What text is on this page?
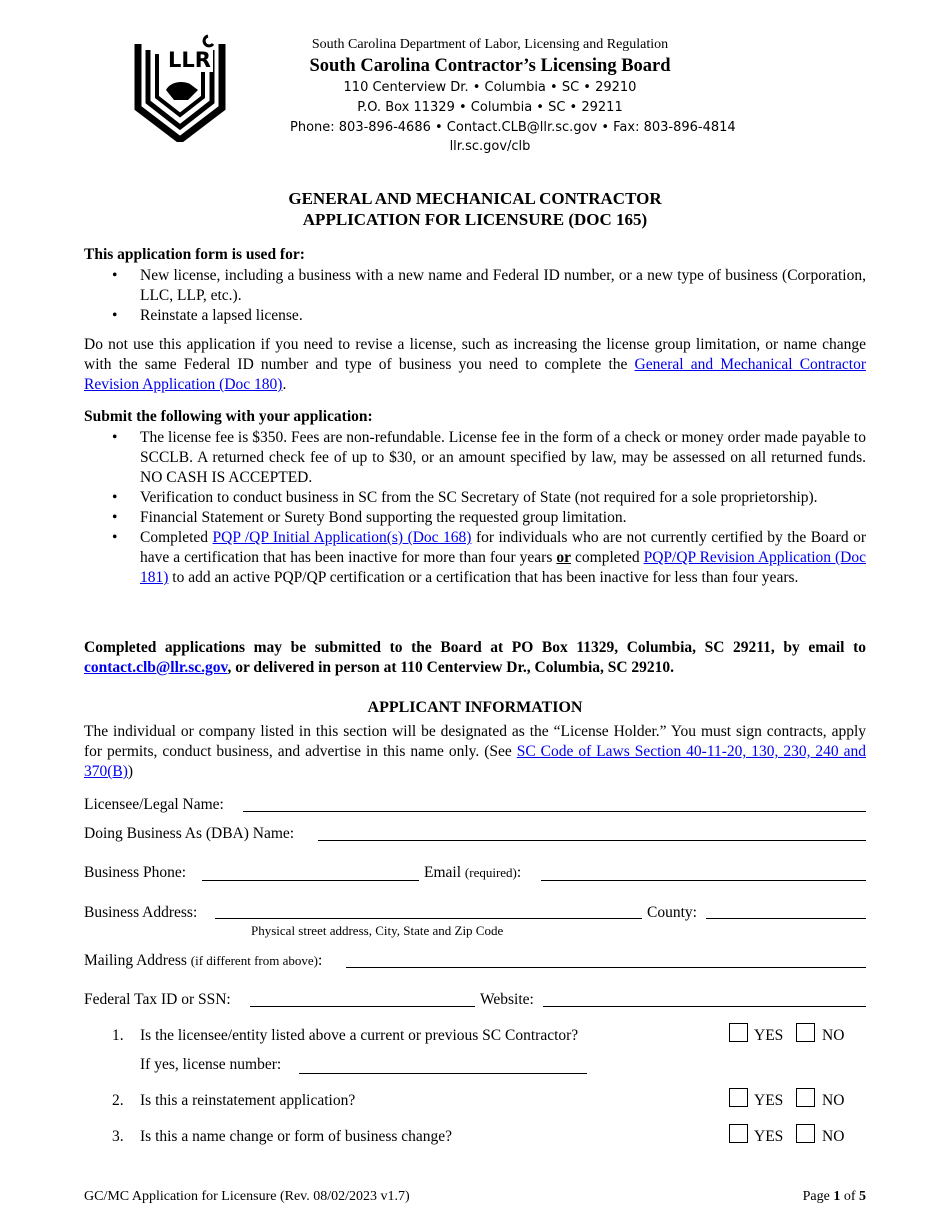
LLR
South Carolina Department of Labor, Licensing and Regulation
South Carolina Contractor’s Licensing Board
110 Centerview Dr. • Columbia • SC • 29210
P.O. Box 11329 • Columbia • SC • 29211
Phone: 803-896-4686 • Contact.CLB@llr.sc.gov • Fax: 803-896-4814
llr.sc.gov/clb
GENERAL AND MECHANICAL CONTRACTOR
APPLICATION FOR LICENSURE (DOC 165)
This application form is used for:
• New license, including a business with a new name and Federal ID number, or a new type of business (Corporation, LLC, LLP, etc.).
• Reinstate a lapsed license.
Do not use this application if you need to revise a license, such as increasing the license group limitation, or name change with the same Federal ID number and type of business you need to complete the General and Mechanical Contractor Revision Application (Doc 180).
Submit the following with your application:
• The license fee is $350. Fees are non-refundable. License fee in the form of a check or money order made payable to SCCLB. A returned check fee of up to $30, or an amount specified by law, may be assessed on all returned funds. NO CASH IS ACCEPTED.
• Verification to conduct business in SC from the SC Secretary of State (not required for a sole proprietorship).
• Financial Statement or Surety Bond supporting the requested group limitation.
• Completed PQP /QP Initial Application(s) (Doc 168) for individuals who are not currently certified by the Board or have a certification that has been inactive for more than four years or completed PQP/QP Revision Application (Doc 181) to add an active PQP/QP certification or a certification that has been inactive for less than four years.
Completed applications may be submitted to the Board at PO Box 11329, Columbia, SC 29211, by email to contact.clb@llr.sc.gov, or delivered in person at 110 Centerview Dr., Columbia, SC 29210.
APPLICANT INFORMATION
The individual or company listed in this section will be designated as the “License Holder.” You must sign contracts, apply for permits, conduct business, and advertise in this name only. (See SC Code of Laws Section 40-11-20, 130, 230, 240 and 370(B))
Licensee/Legal Name:
Doing Business As (DBA) Name:
Business Phone:	Email (required):
Business Address:
Physical street address, City, State and Zip Code
County:
Mailing Address (if different from above):
Federal Tax ID or SSN:	Website:
1. Is the licensee/entity listed above a current or previous SC Contractor?	YES NO
If yes, license number:
2. Is this a reinstatement application?	YES NO
3. Is this a name change or form of business change?	YES NO
GC/MC Application for Licensure (Rev. 08/02/2023 v1.7)	Page 1 of 5
